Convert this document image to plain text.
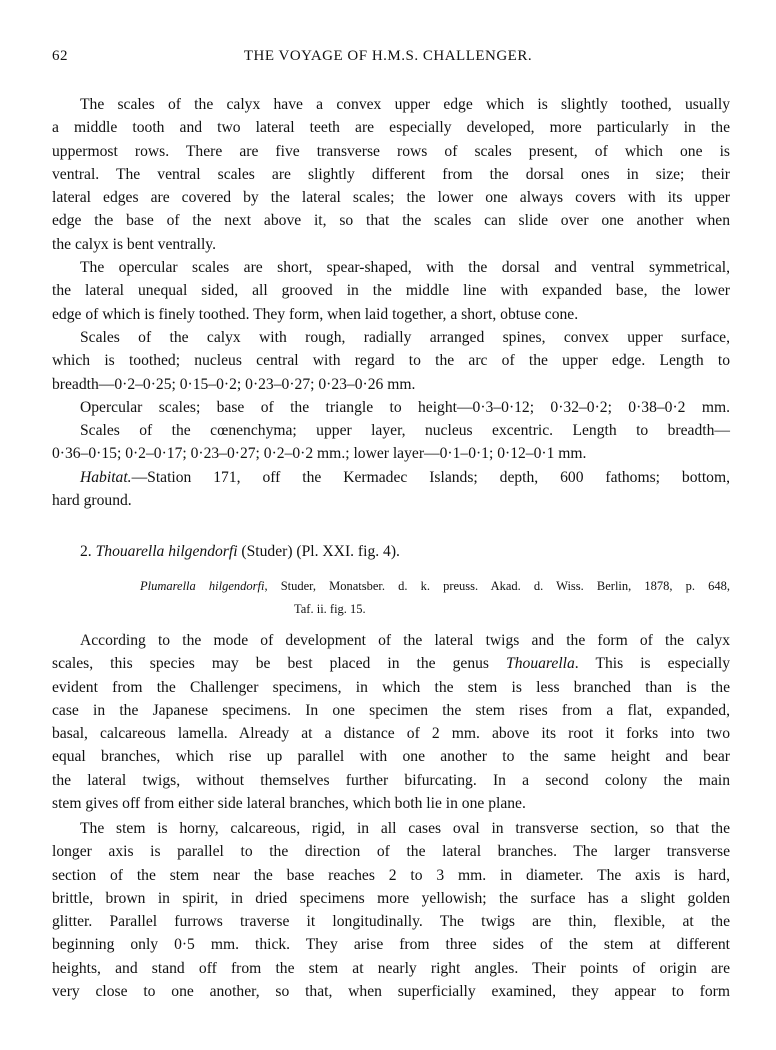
62	THE VOYAGE OF H.M.S. CHALLENGER.
The scales of the calyx have a convex upper edge which is slightly toothed, usually
a middle tooth and two lateral teeth are especially developed, more particularly in the
uppermost rows. There are five transverse rows of scales present, of which one is
ventral. The ventral scales are slightly different from the dorsal ones in size; their
lateral edges are covered by the lateral scales; the lower one always covers with its upper
edge the base of the next above it, so that the scales can slide over one another when
the calyx is bent ventrally.
The opercular scales are short, spear-shaped, with the dorsal and ventral symmetrical,
the lateral unequal sided, all grooved in the middle line with expanded base, the lower
edge of which is finely toothed. They form, when laid together, a short, obtuse cone.
Scales of the calyx with rough, radially arranged spines, convex upper surface,
which is toothed; nucleus central with regard to the arc of the upper edge. Length to
breadth—0·2–0·25; 0·15–0·2; 0·23–0·27; 0·23–0·26 mm.
Opercular scales; base of the triangle to height—0·3–0·12; 0·32–0·2; 0·38–0·2 mm.
Scales of the cœnenchyma; upper layer, nucleus excentric. Length to breadth—
0·36–0·15; 0·2–0·17; 0·23–0·27; 0·2–0·2 mm.; lower layer—0·1–0·1; 0·12–0·1 mm.
Habitat.—Station 171, off the Kermadec Islands; depth, 600 fathoms; bottom,
hard ground.
2. Thouarella hilgendorfi (Studer) (Pl. XXI. fig. 4).
According to the mode of development of the lateral twigs and the form of the calyx
scales, this species may be best placed in the genus Thouarella. This is especially
evident from the Challenger specimens, in which the stem is less branched than is the
case in the Japanese specimens. In one specimen the stem rises from a flat, expanded,
basal, calcareous lamella. Already at a distance of 2 mm. above its root it forks into two
equal branches, which rise up parallel with one another to the same height and bear
the lateral twigs, without themselves further bifurcating. In a second colony the main
stem gives off from either side lateral branches, which both lie in one plane.
The stem is horny, calcareous, rigid, in all cases oval in transverse section, so that the
longer axis is parallel to the direction of the lateral branches. The larger transverse
section of the stem near the base reaches 2 to 3 mm. in diameter. The axis is hard,
brittle, brown in spirit, in dried specimens more yellowish; the surface has a slight golden
glitter. Parallel furrows traverse it longitudinally. The twigs are thin, flexible, at the
beginning only 0·5 mm. thick. They arise from three sides of the stem at different
heights, and stand off from the stem at nearly right angles. Their points of origin are
very close to one another, so that, when superficially examined, they appear to form
Plumarella hilgendorfi, Studer, Monatsber. d. k. preuss. Akad. d. Wiss. Berlin, 1878, p. 648,
Taf. ii. fig. 15.
